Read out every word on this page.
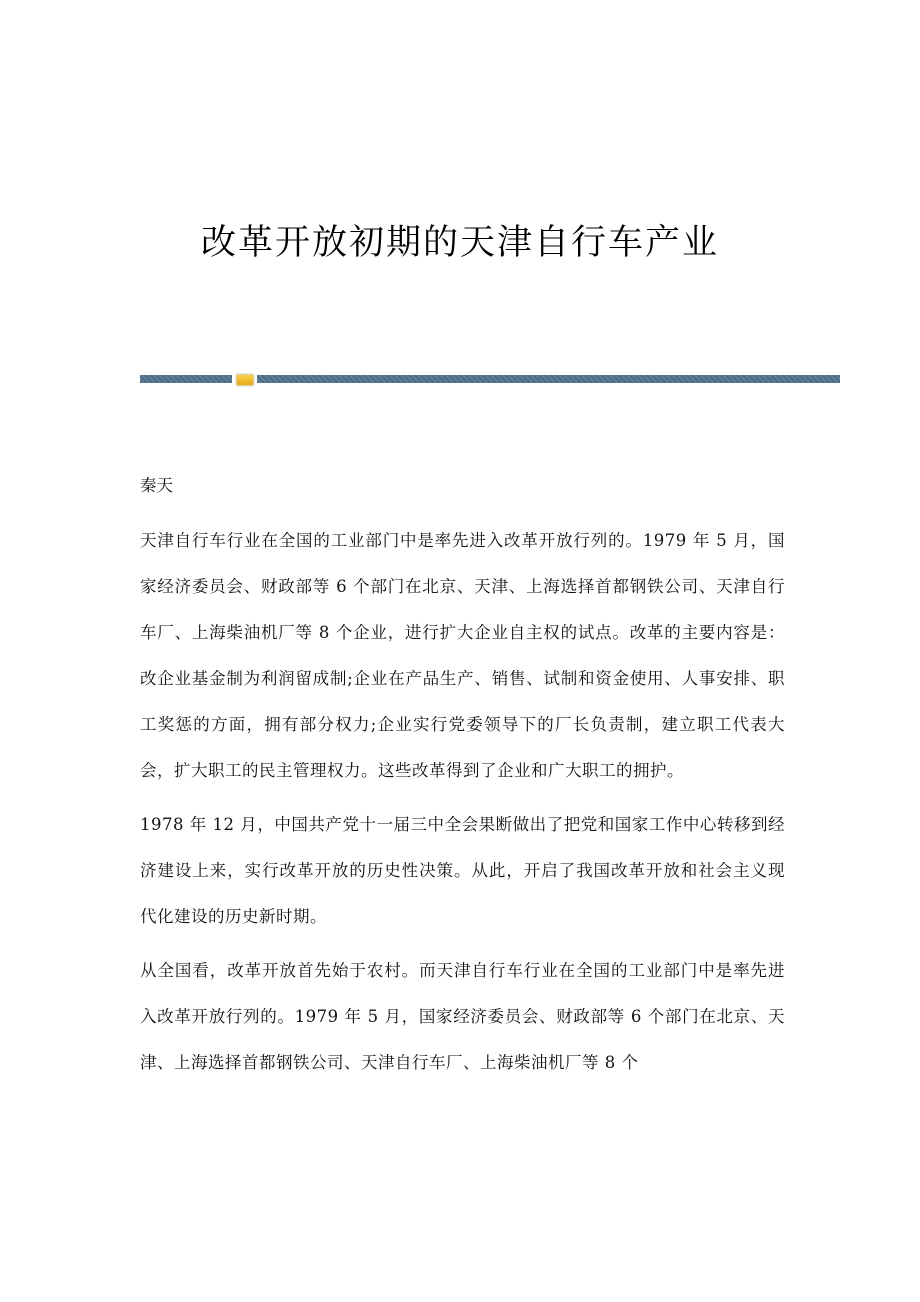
改革开放初期的天津自行车产业

秦天

天津自行车行业在全国的工业部门中是率先进入改革开放行列的。1979 年 5 月，国家经济委员会、财政部等 6 个部门在北京、天津、上海选择首都钢铁公司、天津自行车厂、上海柴油机厂等 8 个企业，进行扩大企业自主权的试点。改革的主要内容是：改企业基金制为利润留成制;企业在产品生产、销售、试制和资金使用、人事安排、职工奖惩的方面，拥有部分权力;企业实行党委领导下的厂长负责制，建立职工代表大会，扩大职工的民主管理权力。这些改革得到了企业和广大职工的拥护。

1978 年 12 月，中国共产党十一届三中全会果断做出了把党和国家工作中心转移到经济建设上来，实行改革开放的历史性决策。从此，开启了我国改革开放和社会主义现代化建设的历史新时期。

从全国看，改革开放首先始于农村。而天津自行车行业在全国的工业部门中是率先进入改革开放行列的。1979 年 5 月，国家经济委员会、财政部等 6 个部门在北京、天津、上海选择首都钢铁公司、天津自行车厂、上海柴油机厂等 8 个
